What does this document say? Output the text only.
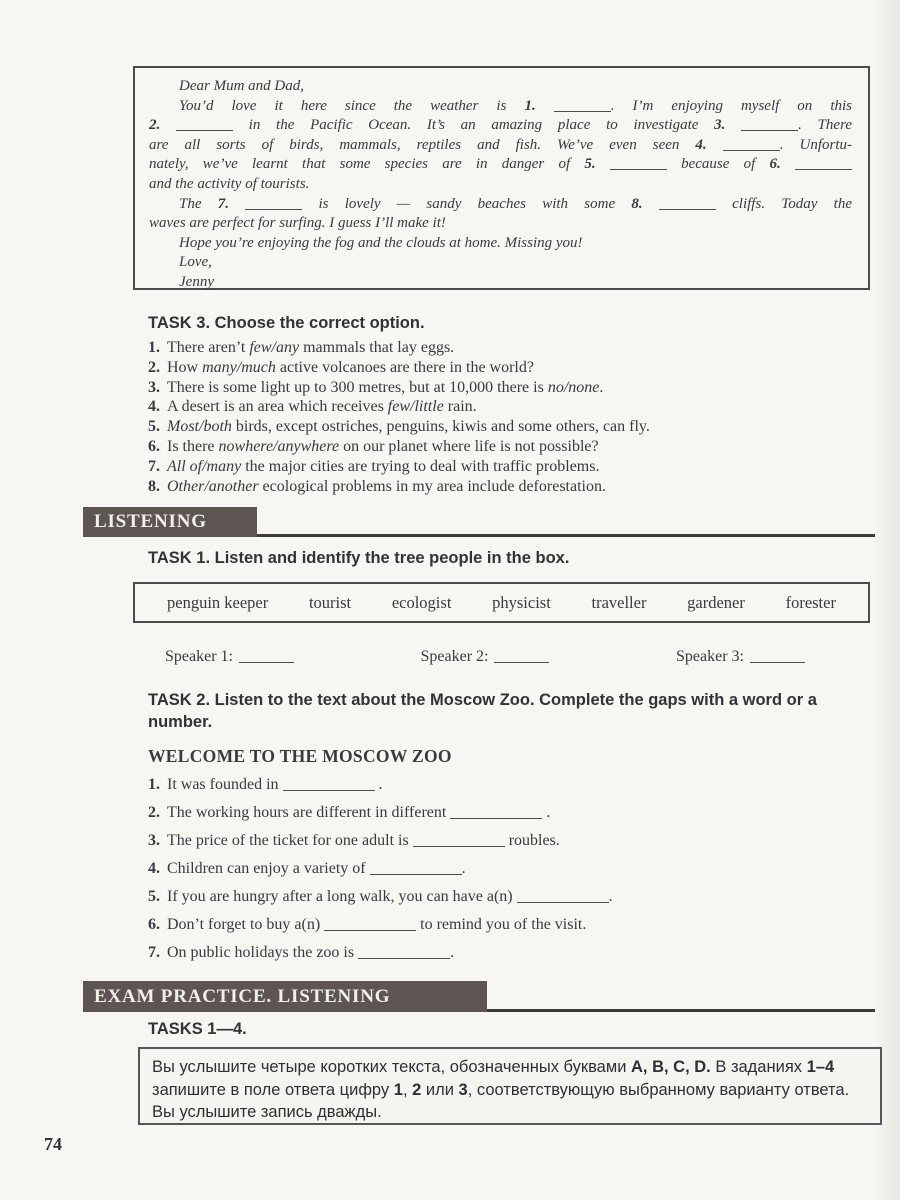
Dear Mum and Dad,
You’d love it here since the weather is 1.	. I’m enjoying myself on this
2.	in the Pacific Ocean. It’s an amazing place to investigate 3.	. There
are all sorts of birds, mammals, reptiles and fish. We’ve even seen 4.	. Unfortu-
nately, we’ve learnt that some species are in danger of 5.	because of 6.
and the activity of tourists.
The 7.	is lovely — sandy beaches with some 8.	cliffs. Today the
waves are perfect for surfing. I guess I’ll make it!
Hope you’re enjoying the fog and the clouds at home. Missing you!
Love,
Jenny
TASK 3. Choose the correct option.
1. There aren’t few/any mammals that lay eggs.
2. How many/much active volcanoes are there in the world?
3. There is some light up to 300 metres, but at 10,000 there is no/none.
4. A desert is an area which receives few/little rain.
5. Most/both birds, except ostriches, penguins, kiwis and some others, can fly.
6. Is there nowhere/anywhere on our planet where life is not possible?
7. All of/many the major cities are trying to deal with traffic problems.
8. Other/another ecological problems in my area include deforestation.
LISTENING
TASK 1. Listen and identify the tree people in the box.
penguin keeper tourist ecologist physicist traveller gardener forester
Speaker 1:	Speaker 2:	Speaker 3:
TASK 2. Listen to the text about the Moscow Zoo. Complete the gaps with a word or a number.
WELCOME TO THE MOSCOW ZOO
1. It was founded in	.
2. The working hours are different in different	.
3. The price of the ticket for one adult is	roubles.
4. Children can enjoy a variety of	.
5. If you are hungry after a long walk, you can have a(n)	.
6. Don’t forget to buy a(n)	to remind you of the visit.
7. On public holidays the zoo is	.
EXAM PRACTICE. LISTENING
TASKS 1—4.

Вы услышите четыре коротких текста, обозначенных буквами A, B, C, D. В заданиях 1–4 запишите в поле ответа цифру 1, 2 или 3, соответствующую выбранному варианту ответа. Вы услышите запись дважды.

74
